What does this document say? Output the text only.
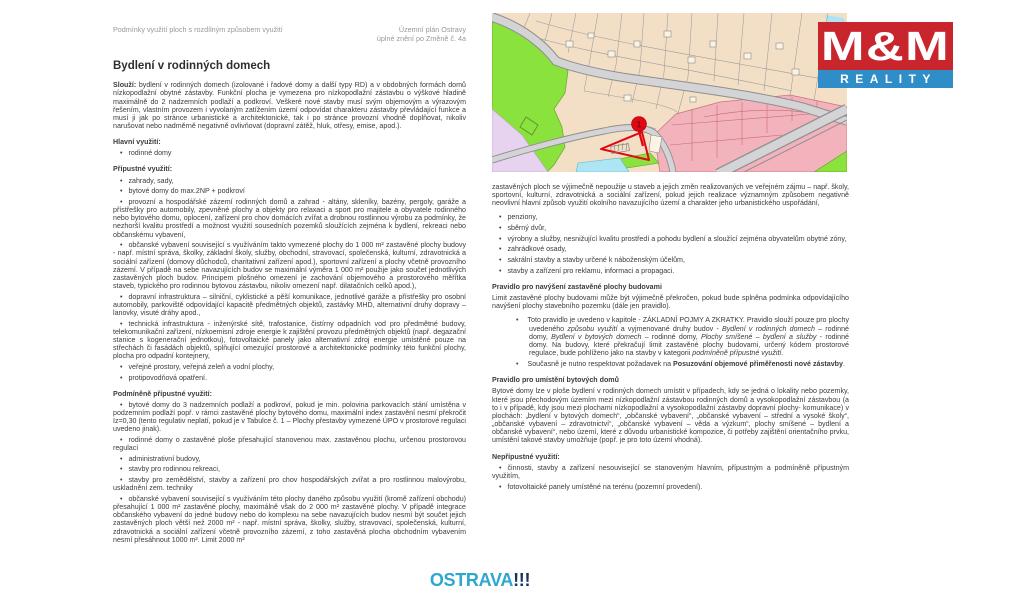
Podmínky využití ploch s rozdílným způsobem využití	Územní plán Ostravy
úplné znění po Změně č. 4a
Bydlení v rodinných domech

Slouží: bydlení v rodinných domech (izolované i řadové domy a další typy RD) a v obdobných formách domů nízkopodlažní obytné zástavby. Funkční plocha je vymezena pro nízkopodlažní zástavbu o výškové hladině maximálně do 2 nadzemních podlaží a podkroví. Veškeré nové stavby musí svým objemovým a výrazovým řešením, vlastním provozem i vyvolaným zatížením území odpovídat charakteru zástavby převládající funkce a musí ji jak po stránce urbanistické a architektonické, tak i po stránce provozní vhodně doplňovat, nikoliv narušovat nebo nadměrně negativně ovlivňovat (dopravní zátěž, hluk, otřesy, emise, apod.).

Hlavní využití:

• rodinné domy

Přípustné využití:

• zahrady, sady,

• bytové domy do max.2NP + podkroví

• provozní a hospodářské zázemí rodinných domů a zahrad - altány, skleníky, bazény, pergoly, garáže a přístřešky pro automobily, zpevněné plochy a objekty pro relaxaci a sport pro majitele a obyvatele rodinného nebo bytového domu, oplocení, zařízení pro chov domácích zvířat a drobnou rostlinnou výrobu za podmínky, že nezhorší kvalitu prostředí a možnost využití sousedních pozemků sloužících zejména k bydlení, rekreaci nebo občanskému vybavení,

• občanské vybavení související s využíváním takto vymezené plochy do 1 000 m² zastavěné plochy budovy - např. místní správa, školky, základní školy, služby, obchodní, stravovací, společenská, kulturní, zdravotnická a sociální zařízení (domovy důchodců, charitativní zařízení apod.), sportovní zařízení a plochy včetně provozního zázemí. V případě na sebe navazujících budov se maximální výměra 1 000 m² použije jako součet jednotlivých zastavěných ploch budov. Principem plošného omezení je zachování objemového a prostorového měřítka staveb, typického pro rodinnou bytovou zástavbu, nikoliv omezení např. dilatačních celků apod.),

• dopravní infrastruktura – silniční, cyklistické a pěší komunikace, jednotlivé garáže a přístřešky pro osobní automobily, parkoviště odpovídající kapacitě předmětných objektů, zastávky MHD, alternativní druhy dopravy – lanovky, visuté dráhy apod.,

• technická infrastruktura - inženýrské sítě, trafostanice, čistírny odpadních vod pro předmětné budovy, telekomunikační zařízení, nízkoemisní zdroje energie k zajištění provozu předmětných objektů (např. degazační stanice s kogenerační jednotkou), fotovoltaické panely jako alternativní zdroj energie umístěné pouze na střechách či fasádách objektů, splňující omezující prostorové a architektonické podmínky této funkční plochy, plocha pro odpadní kontejnery,

• veřejné prostory, veřejná zeleň a vodní plochy,

• protipovodňová opatření.

Podmíněně přípustné využití:

• bytové domy do 3 nadzemních podlaží a podkroví, pokud je min. polovina parkovacích stání umístěna v podzemním podlaží popř. v rámci zastavěné plochy bytového domu, maximální index zastavění nesmí překročit Iz=0,30 (tento regulativ neplatí, pokud je v Tabulce č. 1 – Plochy přestavby vymezené ÚPO v prostorové regulaci uvedeno jinak).

• rodinné domy o zastavěné ploše přesahující stanovenou max. zastavěnou plochu, určenou prostorovou regulací

• administrativní budovy,

• stavby pro rodinnou rekreaci,

• stavby pro zemědělství, stavby a zařízení pro chov hospodářských zvířat a pro rostlinnou malovýrobu, uskladnění zem. techniky

• občanské vybavení související s využíváním této plochy daného způsobu využití (kromě zařízení obchodu) přesahující 1 000 m² zastavěné plochy, maximálně však do 2 000 m² zastavěné plochy. V případě integrace občanského vybavení do jedné budovy nebo do komplexu na sebe navazujících budov nesmí být součet jejich zastavěných ploch větší než 2000 m² - např. místní správa, školky, služby, stravovací, společenská, kulturní, zdravotnická a sociální zařízení včetně provozního zázemí, z toho zastavěná plocha obchodním vybavením nesmí přesáhnout 1000 m². Limit 2000 m²

zastavěných ploch se výjimečně nepoužije u staveb a jejich změn realizovaných ve veřejném zájmu – např. školy, sportovní, kulturní, zdravotnická a sociální zařízení, pokud jejich realizace významným způsobem negativně neovlivní hlavní způsob využití okolního navazujícího území a charakter jeho urbanistického uspořádání,

• penziony,

• sběrný dvůr,

• výrobny a služby, nesnižující kvalitu prostředí a pohodu bydlení a sloužící zejména obyvatelům obytné zóny,

• zahrádkové osady,

• sakrální stavby a stavby určené k náboženským účelům,

• stavby a zařízení pro reklamu, informaci a propagaci.

Pravidlo pro navýšení zastavěné plochy budovami

Limit zastavěné plochy budovami může být výjimečně překročen, pokud bude splněna podmínka odpovídajícího navýšení plochy stavebního pozemku (dále jen pravidlo).

• Toto pravidlo je uvedeno v kapitole - ZÁKLADNÍ POJMY A ZKRATKY. Pravidlo slouží pouze pro plochy uvedeného způsobu využití a vyjmenované druhy budov - Bydlení v rodinných domech – rodinné domy, Bydlení v bytových domech – rodinné domy, Plochy smíšené – bydlení a služby - rodinné domy. Na budovy, které překračují limit zastavěné plochy budovami, určený kódem prostorové regulace, bude pohlíženo jako na stavby v kategorii podmíněně přípustné využití.

• Současně je nutno respektovat požadavek na Posuzování objemové přiměřenosti nové zástavby.

Pravidlo pro umístění bytových domů

Bytové domy lze v ploše bydlení v rodinných domech umístit v případech, kdy se jedná o lokality nebo pozemky, které jsou přechodovým územím mezi nízkopodlažní zástavbou rodinných domů a vysokopodlažní zástavbou (a to i v případě, kdy jsou mezi plochami nízkopodlažní a vysokopodlažní zástavby dopravní plochy- komunikace) v plochách: „bydlení v bytových domech“, „občanské vybavení“, „občanské vybavení – střední a vysoké školy“, „občanské vybavení – zdravotnictví“, „občanské vybavení – věda a výzkum“, plochy smíšené – bydlení a občanské vybavení“, nebo území, které z důvodu urbanistické kompozice, či potřeby zajištění orientačního prvku, umístění takové stavby umožňuje (popř. je pro toto území vhodná).

Nepřípustné využití:

• činnosti, stavby a zařízení nesouvisející se stanoveným hlavním, přípustným a podmíněně přípustným využitím,

• fotovoltaické panely umístěné na terénu (pozemní provedení).

1
M&M
REALITY
OSTRAVA!!!
